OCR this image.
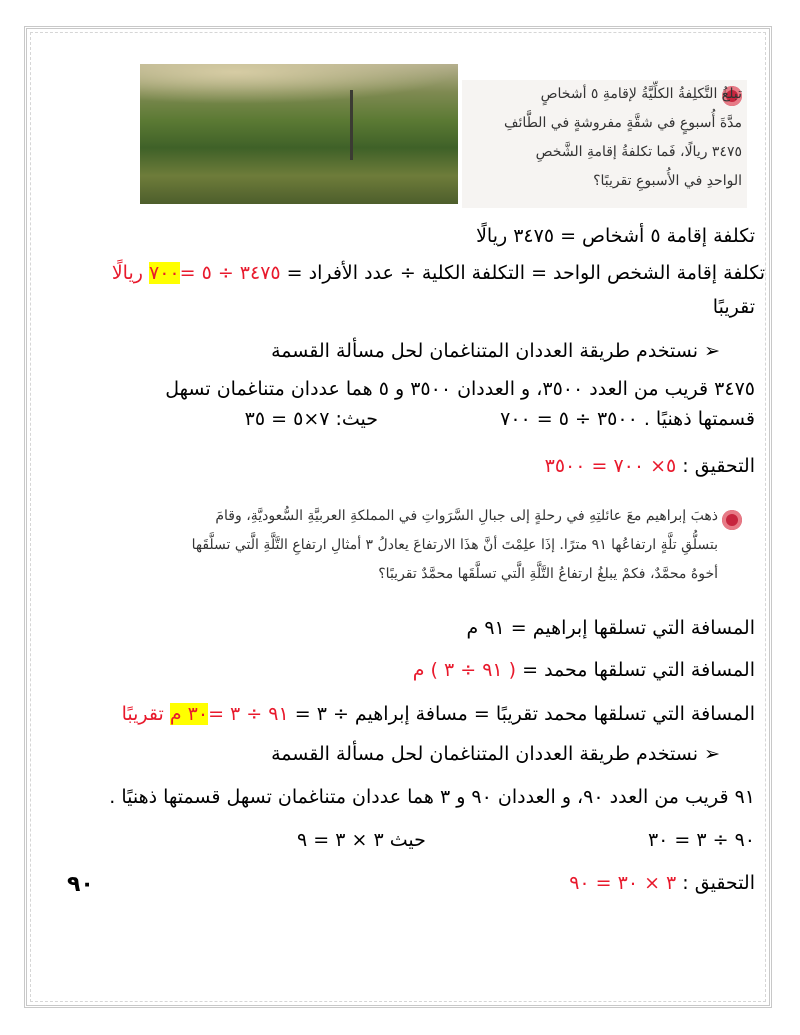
تبلغُ التَّكلِفةُ الكلِّيَّةُ لإقامةِ ٥ أشخاصٍ
مدَّةَ أُسبوعٍ في شقَّةٍ مفروشةٍ في الطَّائفِ
٣٤٧٥ ريالًا، فَما تكلفةُ إقامةِ الشَّخصِ
الواحدِ في الأُسبوعِ تقريبًا؟
تكلفة إقامة ٥ أشخاص = ٣٤٧٥ ريالًا
تكلفة إقامة الشخص الواحد = التكلفة الكلية ÷ عدد الأفراد = ٣٤٧٥ ÷ ٥ =٧٠٠ ريالًا
تقريبًا
➢ نستخدم طريقة العددان المتناغمان لحل مسألة القسمة
٣٤٧٥ قريب من العدد ٣٥٠٠، و العددان ٣٥٠٠ و ٥ هما عددان متناغمان تسهل
قسمتها ذهنيًا . ٣٥٠٠ ÷ ٥ = ٧٠٠  حيث: ٧×٥ = ٣٥
التحقيق : ٥× ٧٠٠ = ٣٥٠٠
ذهبَ إبراهيم معَ عائلتِهِ في رحلةٍ إلى جبالِ السَّرَواتِ في المملكةِ العربيَّةِ السُّعوديَّةِ، وقامَ
بتسلُّقِ تلَّةٍ ارتفاعُها ٩١ مترًا. إذَا علِمْتَ أنَّ هذَا الارتفاعَ يعادلُ ٣ أمثالِ ارتفاعِ التَّلَّةِ الَّتي تسلَّقَها
أخوهُ محمَّدٌ، فكمْ يبلغُ ارتفاعُ التَّلَّةِ الَّتي تسلَّقَها محمَّدٌ تقريبًا؟
المسافة التي تسلقها إبراهيم = ٩١ م
المسافة التي تسلقها محمد = ( ٩١ ÷ ٣ ) م
المسافة التي تسلقها محمد تقريبًا = مسافة إبراهيم ÷ ٣ = ٩١ ÷ ٣ =٣٠ م تقريبًا
➢ نستخدم طريقة العددان المتناغمان لحل مسألة القسمة
٩١ قريب من العدد ٩٠، و العددان ٩٠ و ٣ هما عددان متناغمان تسهل قسمتها ذهنيًا .
٩٠ ÷ ٣ = ٣٠  حيث ٣ × ٣ = ٩
التحقيق : ٣ × ٣٠ = ٩٠
٩٠
